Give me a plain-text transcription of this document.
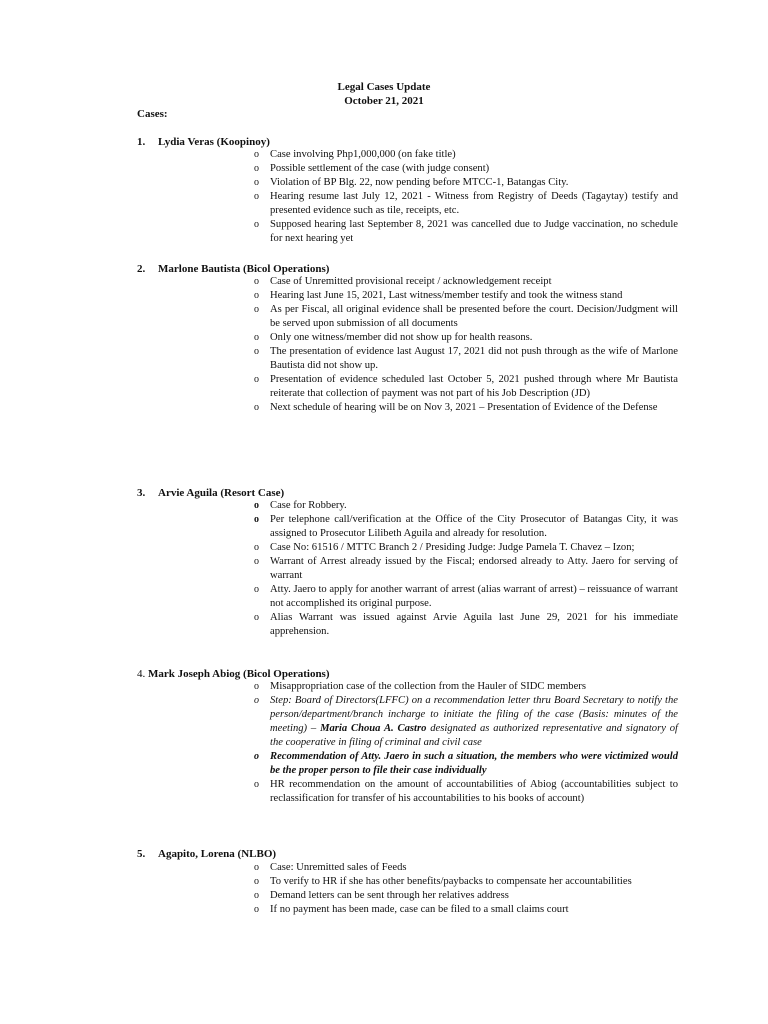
Legal Cases Update
October 21, 2021
Cases:
1. Lydia Veras (Koopinoy)
o Case involving Php1,000,000 (on fake title)
o Possible settlement of the case (with judge consent)
o Violation of BP Blg. 22, now pending before MTCC-1, Batangas City.
o Hearing resume last July 12, 2021 - Witness from Registry of Deeds (Tagaytay) testify and presented evidence such as tile, receipts, etc.
o Supposed hearing last September 8, 2021 was cancelled due to Judge vaccination, no schedule for next hearing yet
2. Marlone Bautista (Bicol Operations)
o Case of Unremitted provisional receipt / acknowledgement receipt
o Hearing last June 15, 2021, Last witness/member testify and took the witness stand
o As per Fiscal, all original evidence shall be presented before the court. Decision/Judgment will be served upon submission of all documents
o Only one witness/member did not show up for health reasons.
o The presentation of evidence last August 17, 2021 did not push through as the wife of Marlone Bautista did not show up.
o Presentation of evidence scheduled last October 5, 2021 pushed through where Mr Bautista reiterate that collection of payment was not part of his Job Description (JD)
o Next schedule of hearing will be on Nov 3, 2021 – Presentation of Evidence of the Defense
3. Arvie Aguila (Resort Case)
o Case for Robbery.
o Per telephone call/verification at the Office of the City Prosecutor of Batangas City, it was assigned to Prosecutor Lilibeth Aguila and already for resolution.
o Case No: 61516 / MTTC Branch 2 / Presiding Judge: Judge Pamela T. Chavez – Izon;
o Warrant of Arrest already issued by the Fiscal; endorsed already to Atty. Jaero for serving of warrant
o Atty. Jaero to apply for another warrant of arrest (alias warrant of arrest) – reissuance of warrant not accomplished its original purpose.
o Alias Warrant was issued against Arvie Aguila last June 29, 2021 for his immediate apprehension.
4. Mark Joseph Abiog (Bicol Operations)
o Misappropriation case of the collection from the Hauler of SIDC members
o Step: Board of Directors(LFFC) on a recommendation letter thru Board Secretary to notify the person/department/branch incharge to initiate the filing of the case (Basis: minutes of the meeting) – Maria Choua A. Castro designated as authorized representative and signatory of the cooperative in filing of criminal and civil case
o Recommendation of Atty. Jaero in such a situation, the members who were victimized would be the proper person to file their case individually
o HR recommendation on the amount of accountabilities of Abiog (accountabilities subject to reclassification for transfer of his accountabilities to his books of account)
5. Agapito, Lorena (NLBO)
o Case: Unremitted sales of Feeds
o To verify to HR if she has other benefits/paybacks to compensate her accountabilities
o Demand letters can be sent through her relatives address
o If no payment has been made, case can be filed to a small claims court
